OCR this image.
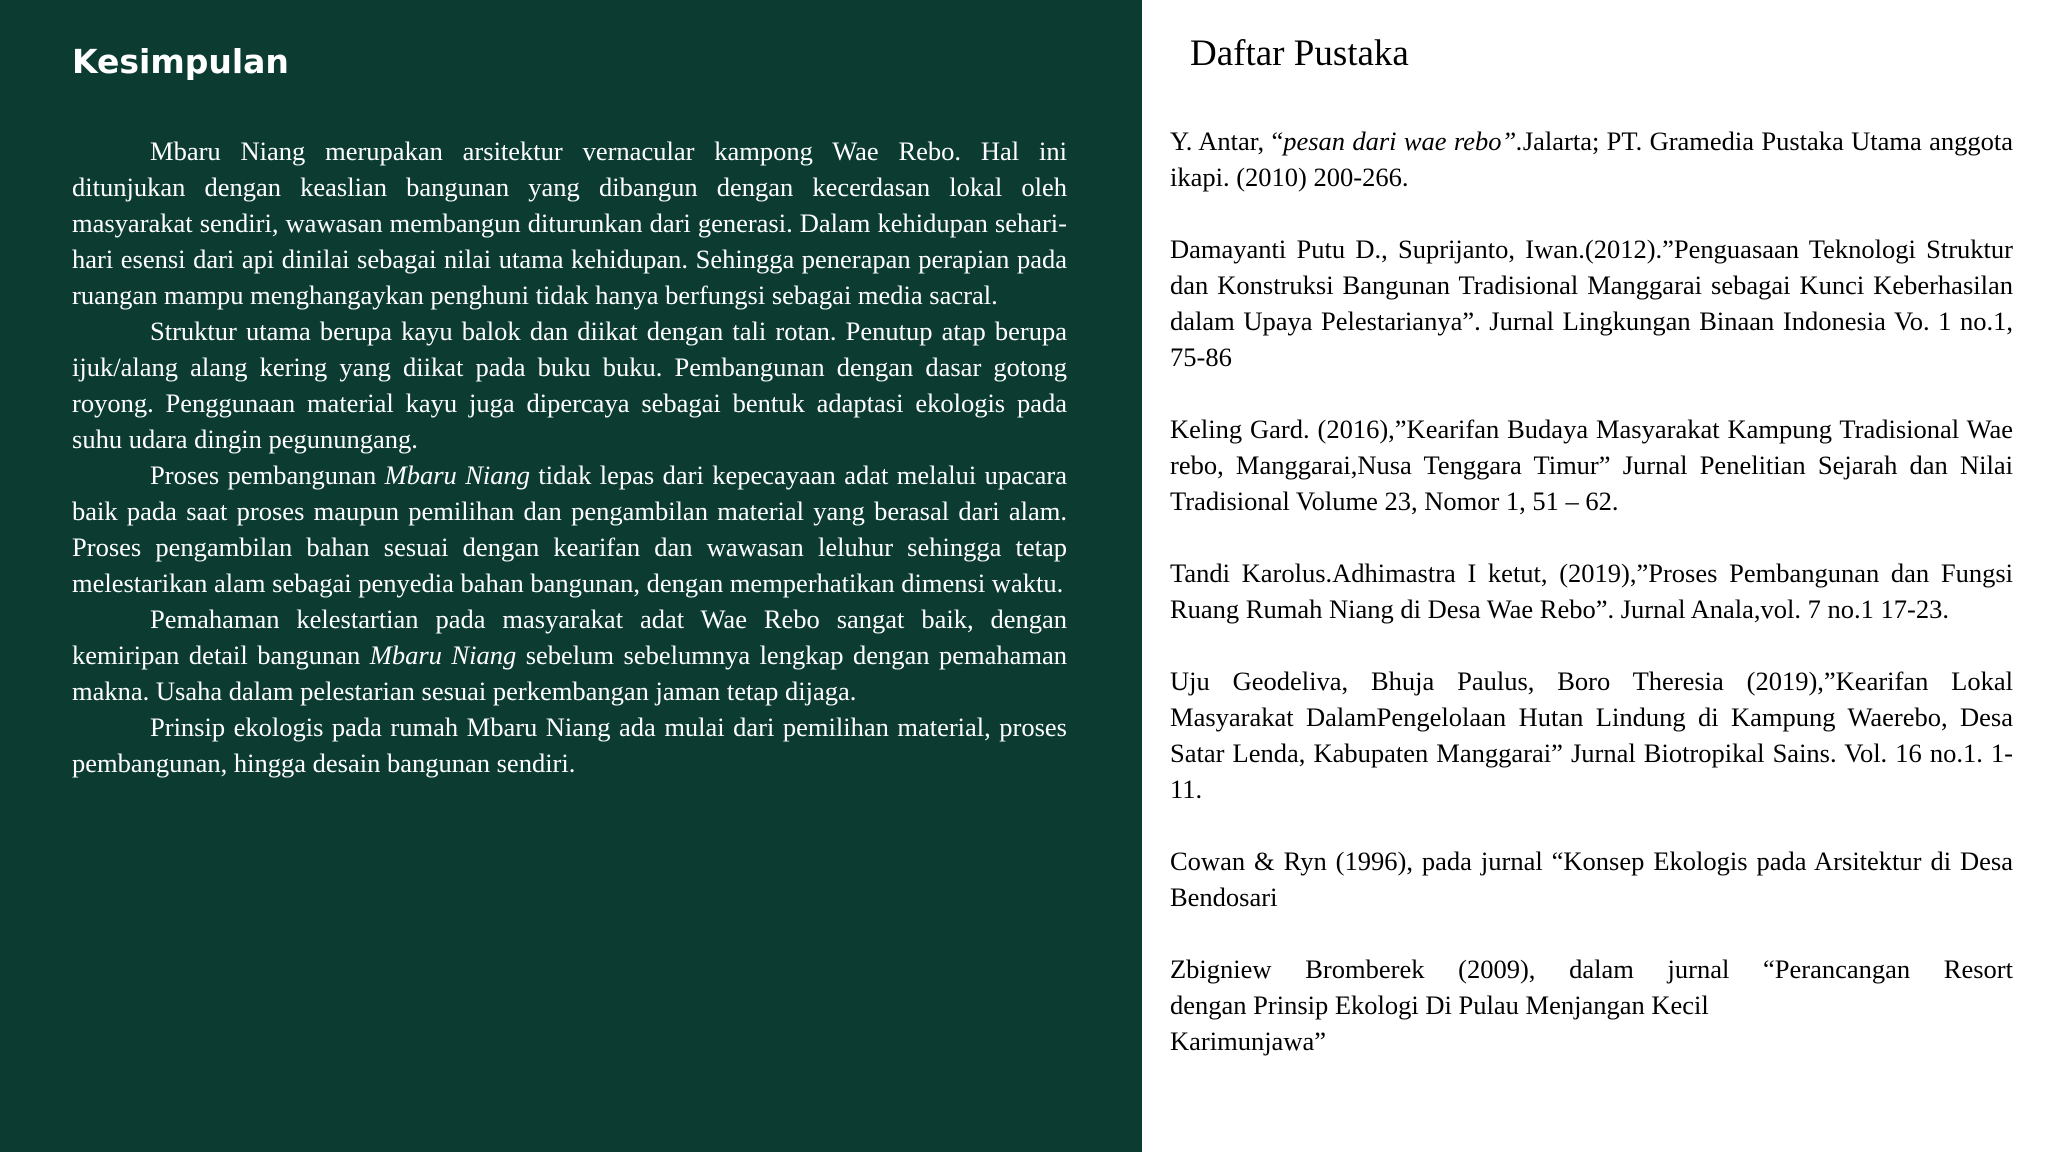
Kesimpulan

Mbaru Niang merupakan arsitektur vernacular kampong Wae Rebo. Hal ini ditunjukan dengan keaslian bangunan yang dibangun dengan kecerdasan lokal oleh masyarakat sendiri, wawasan membangun diturunkan dari generasi. Dalam kehidupan sehari-hari esensi dari api dinilai sebagai nilai utama kehidupan. Sehingga penerapan perapian pada ruangan mampu menghangaykan penghuni tidak hanya berfungsi sebagai media sacral.

Struktur utama berupa kayu balok dan diikat dengan tali rotan. Penutup atap berupa ijuk/alang alang kering yang diikat pada buku buku. Pembangunan dengan dasar gotong royong. Penggunaan material kayu juga dipercaya sebagai bentuk adaptasi ekologis pada suhu udara dingin pegunungang.

Proses pembangunan Mbaru Niang tidak lepas dari kepecayaan adat melalui upacara baik pada saat proses maupun pemilihan dan pengambilan material yang berasal dari alam. Proses pengambilan bahan sesuai dengan kearifan dan wawasan leluhur sehingga tetap melestarikan alam sebagai penyedia bahan bangunan, dengan memperhatikan dimensi waktu.

Pemahaman kelestartian pada masyarakat adat Wae Rebo sangat baik, dengan kemiripan detail bangunan Mbaru Niang sebelum sebelumnya lengkap dengan pemahaman makna. Usaha dalam pelestarian sesuai perkembangan jaman tetap dijaga.

Prinsip ekologis pada rumah Mbaru Niang ada mulai dari pemilihan material, proses pembangunan, hingga desain bangunan sendiri.

Daftar Pustaka

Y. Antar, “pesan dari wae rebo”.Jalarta; PT. Gramedia Pustaka Utama anggota ikapi. (2010) 200-266.

Damayanti Putu D., Suprijanto, Iwan.(2012).”Penguasaan Teknologi Struktur dan Konstruksi Bangunan Tradisional Manggarai sebagai Kunci Keberhasilan dalam Upaya Pelestarianya”. Jurnal Lingkungan Binaan Indonesia Vo. 1 no.1, 75-86

Keling Gard. (2016),”Kearifan Budaya Masyarakat Kampung Tradisional Wae rebo, Manggarai,Nusa Tenggara Timur” Jurnal Penelitian Sejarah dan Nilai Tradisional Volume 23, Nomor 1, 51 – 62.

Tandi Karolus.Adhimastra I ketut, (2019),”Proses Pembangunan dan Fungsi Ruang Rumah Niang di Desa Wae Rebo”. Jurnal Anala,vol. 7 no.1 17-23.

Uju Geodeliva, Bhuja Paulus, Boro Theresia (2019),”Kearifan Lokal Masyarakat DalamPengelolaan Hutan Lindung di Kampung Waerebo, Desa Satar Lenda, Kabupaten Manggarai” Jurnal Biotropikal Sains. Vol. 16 no.1. 1-11.

Cowan & Ryn (1996), pada jurnal “Konsep Ekologis pada Arsitektur di Desa Bendosari

Zbigniew Bromberek (2009), dalam jurnal “Perancangan Resort
dengan Prinsip Ekologi Di Pulau Menjangan Kecil
Karimunjawa”
